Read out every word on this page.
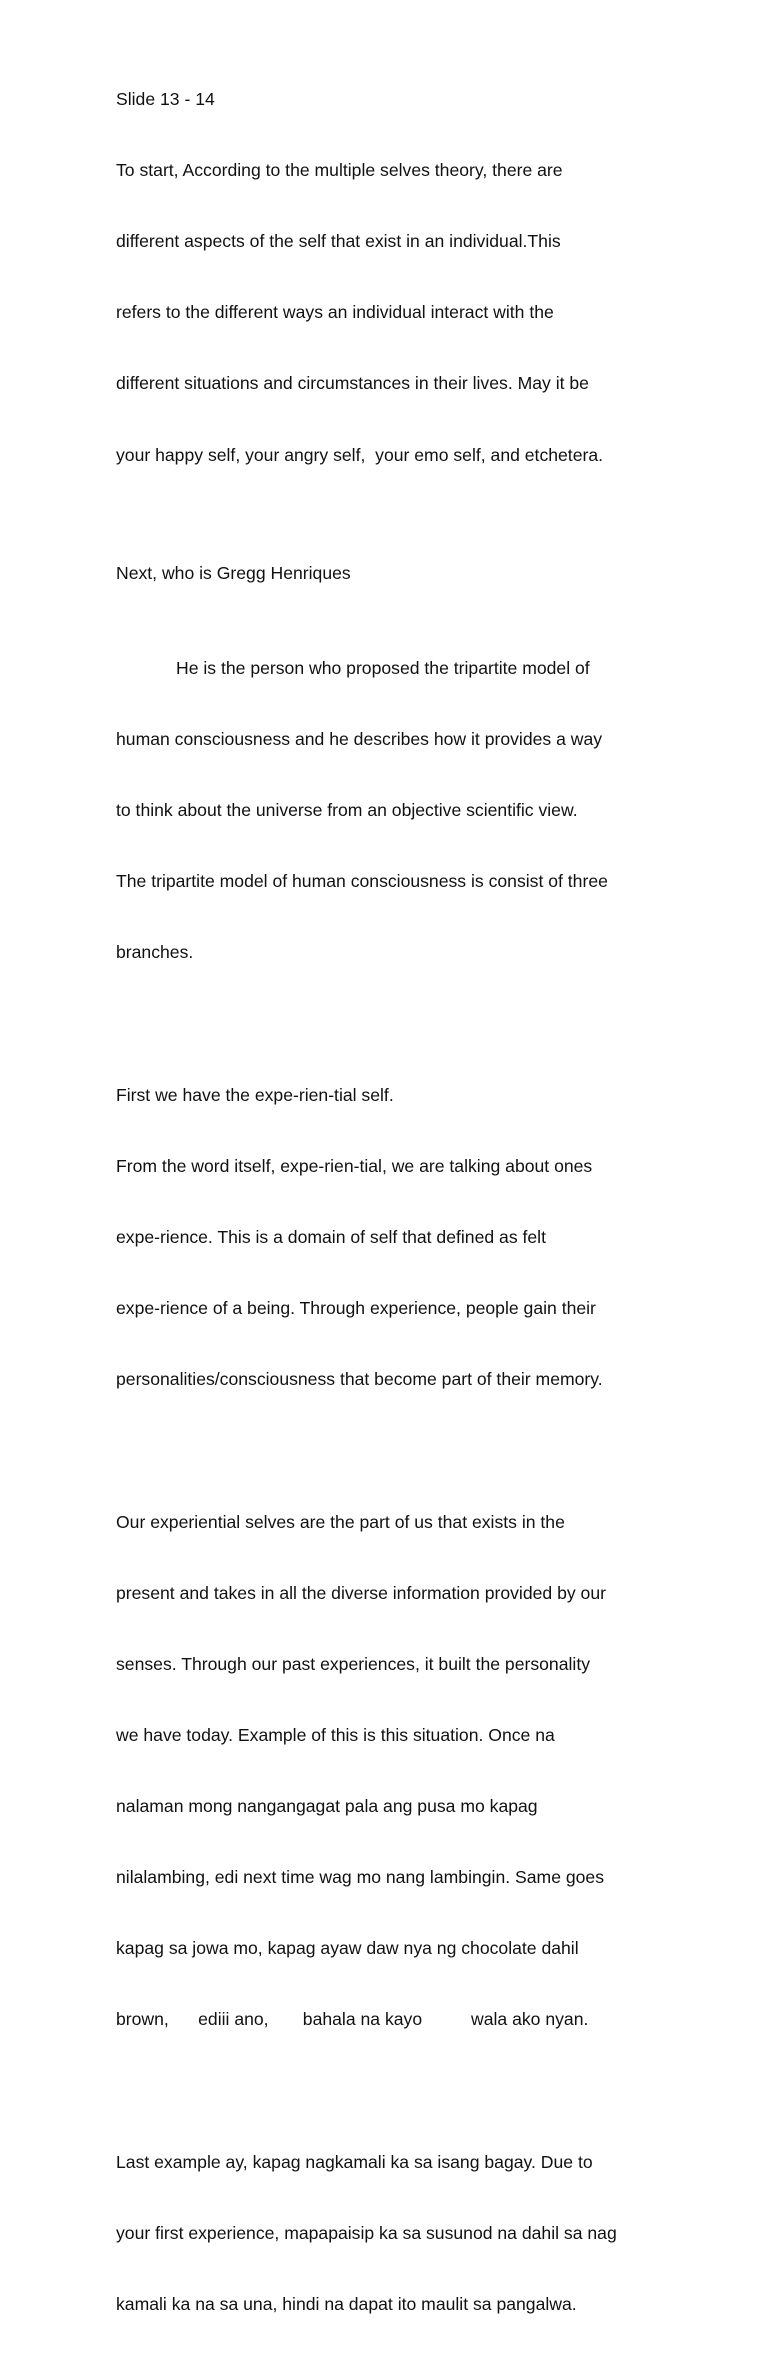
Slide 13 - 14

To start, According to the multiple selves theory, there are

different aspects of the self that exist in an individual.This

refers to the different ways an individual interact with the

different situations and circumstances in their lives. May it be

your happy self, your angry self,  your emo self, and etchetera.

Next, who is Gregg Henriques

He is the person who proposed the tripartite model of

human consciousness and he describes how it provides a way

to think about the universe from an objective scientific view.

The tripartite model of human consciousness is consist of three

branches.

First we have the expe-rien-tial self.

From the word itself, expe-rien-tial, we are talking about ones

expe-rience. This is a domain of self that defined as felt

expe-rience of a being. Through experience, people gain their

personalities/consciousness that become part of their memory.

Our experiential selves are the part of us that exists in the

present and takes in all the diverse information provided by our

senses. Through our past experiences, it built the personality

we have today. Example of this is this situation. Once na

nalaman mong nangangagat pala ang pusa mo kapag

nilalambing, edi next time wag mo nang lambingin. Same goes

kapag sa jowa mo, kapag ayaw daw nya ng chocolate dahil

brown,      ediii ano,       bahala na kayo          wala ako nyan.

Last example ay, kapag nagkamali ka sa isang bagay. Due to

your first experience, mapapaisip ka sa susunod na dahil sa nag

kamali ka na sa una, hindi na dapat ito maulit sa pangalwa.
